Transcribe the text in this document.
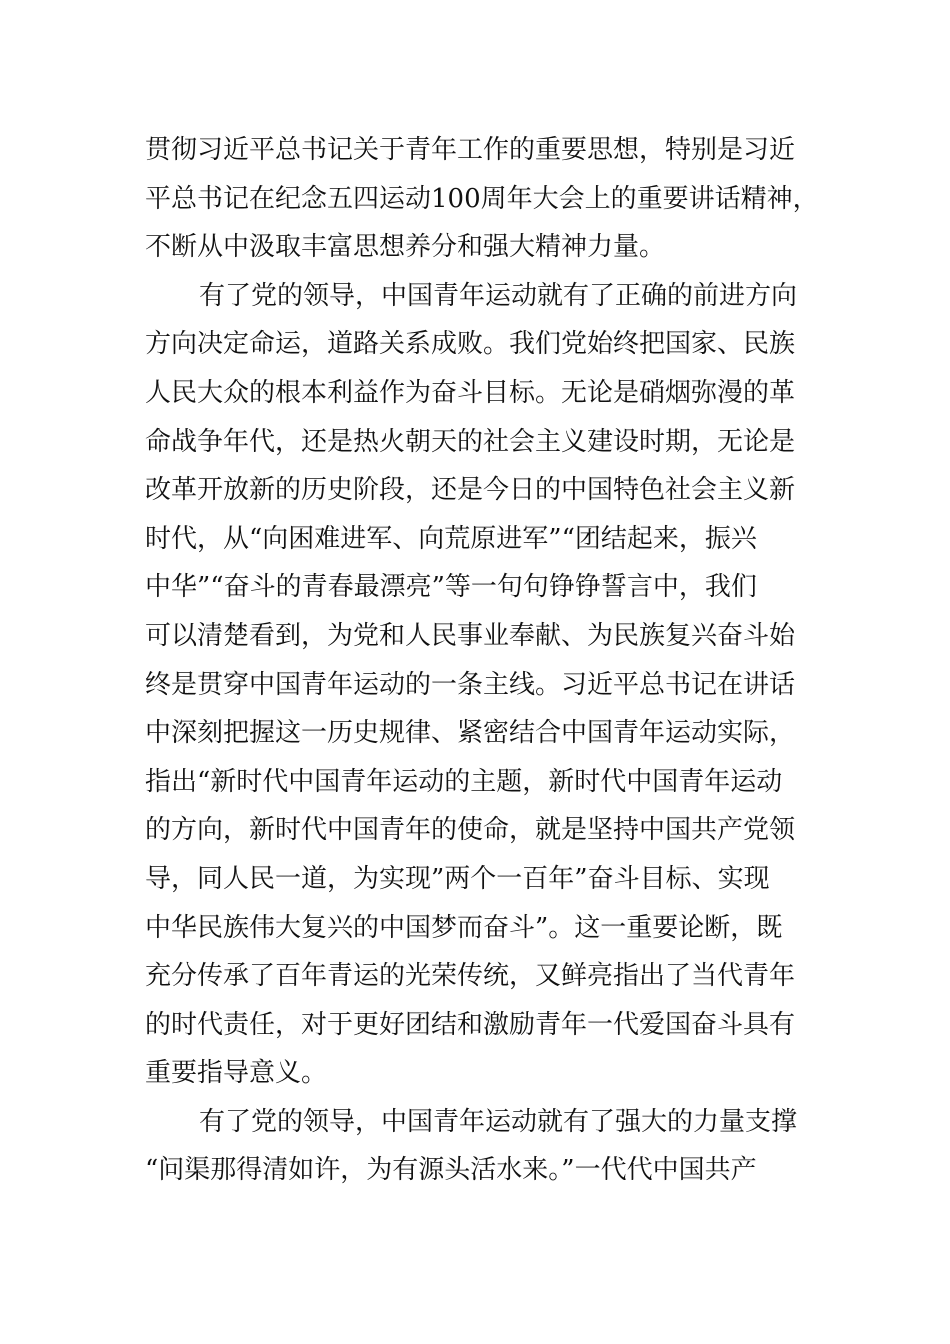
贯彻习近平总书记关于青年工作的重要思想，特别是习近
平总书记在纪念五四运动100周年大会上的重要讲话精神，
不断从中汲取丰富思想养分和强大精神力量。
有了党的领导，中国青年运动就有了正确的前进方向
方向决定命运，道路关系成败。我们党始终把国家、民族
人民大众的根本利益作为奋斗目标。无论是硝烟弥漫的革
命战争年代，还是热火朝天的社会主义建设时期，无论是
改革开放新的历史阶段，还是今日的中国特色社会主义新
时代，从“向困难进军、向荒原进军”“团结起来，振兴
中华”“奋斗的青春最漂亮”等一句句铮铮誓言中，我们
可以清楚看到，为党和人民事业奉献、为民族复兴奋斗始
终是贯穿中国青年运动的一条主线。习近平总书记在讲话
中深刻把握这一历史规律、紧密结合中国青年运动实际，
指出“新时代中国青年运动的主题，新时代中国青年运动
的方向，新时代中国青年的使命，就是坚持中国共产党领
导，同人民一道，为实现”两个一百年”奋斗目标、实现
中华民族伟大复兴的中国梦而奋斗”。这一重要论断，既
充分传承了百年青运的光荣传统，又鲜亮指出了当代青年
的时代责任，对于更好团结和激励青年一代爱国奋斗具有
重要指导意义。
有了党的领导，中国青年运动就有了强大的力量支撑
“问渠那得清如许，为有源头活水来。”一代代中国共产
